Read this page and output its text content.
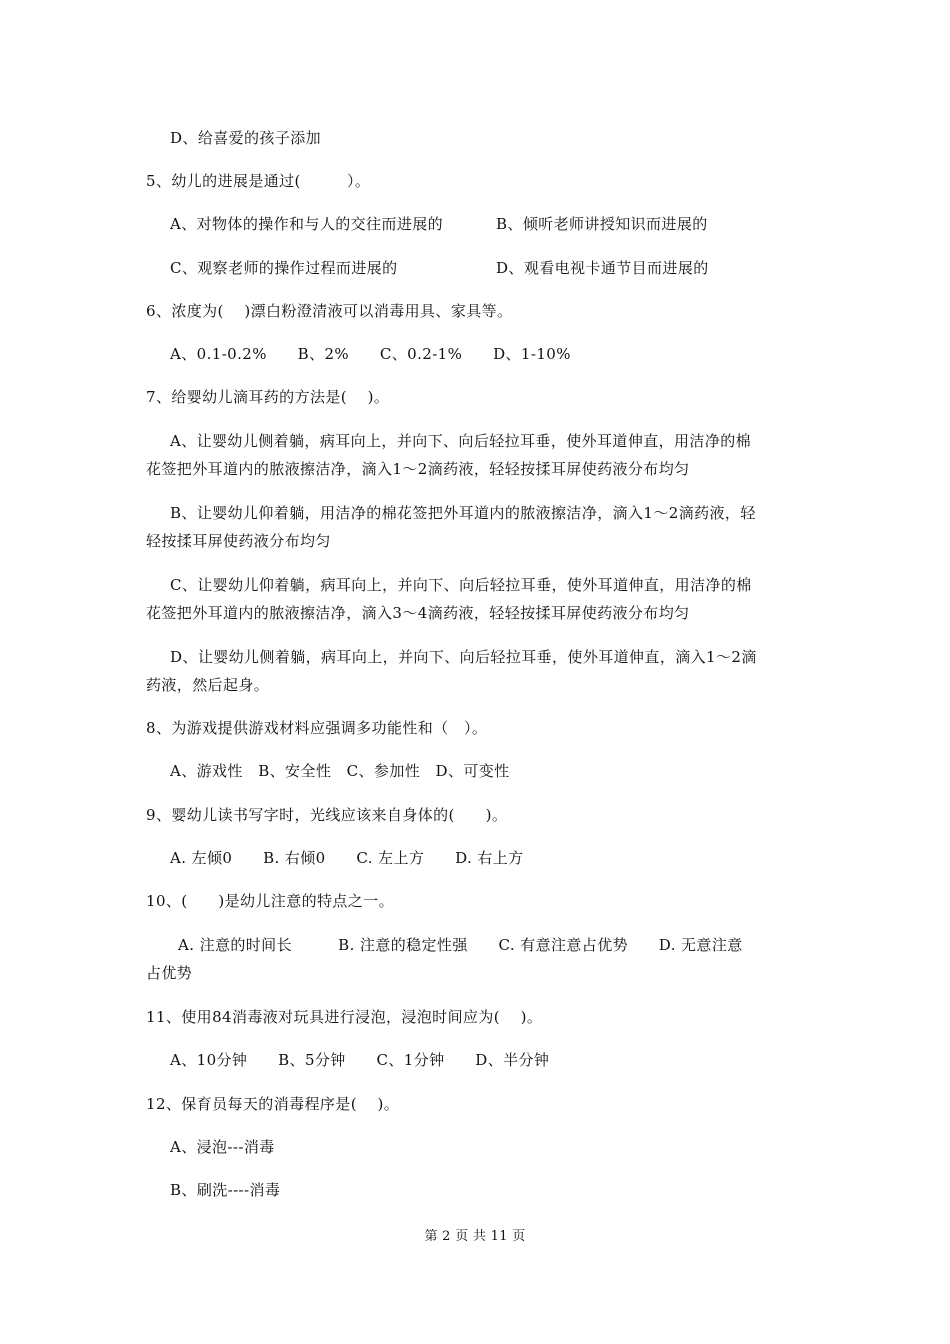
D、给喜爱的孩子添加
5、幼儿的进展是通过(　　　）。
A、对物体的操作和与人的交往而进展的	B、倾听老师讲授知识而进展的
C、观察老师的操作过程而进展的	D、观看电视卡通节目而进展的
6、浓度为(　 )漂白粉澄清液可以消毒用具、家具等。
A、0.1-0.2%　　B、2%　　C、0.2-1%　　D、1-10%
7、给婴幼儿滴耳药的方法是(　 )。
A、让婴幼儿侧着躺，病耳向上，并向下、向后轻拉耳垂，使外耳道伸直，用洁净的棉
花签把外耳道内的脓液擦洁净，滴入1～2滴药液，轻轻按揉耳屏使药液分布均匀
B、让婴幼儿仰着躺，用洁净的棉花签把外耳道内的脓液擦洁净，滴入1～2滴药液，轻
轻按揉耳屏使药液分布均匀
C、让婴幼儿仰着躺，病耳向上，并向下、向后轻拉耳垂，使外耳道伸直，用洁净的棉
花签把外耳道内的脓液擦洁净，滴入3～4滴药液，轻轻按揉耳屏使药液分布均匀
D、让婴幼儿侧着躺，病耳向上，并向下、向后轻拉耳垂，使外耳道伸直，滴入1～2滴
药液，然后起身。
8、为游戏提供游戏材料应强调多功能性和（　）。
A、游戏性　B、安全性　C、参加性　D、可变性
9、婴幼儿读书写字时，光线应该来自身体的(　　)。
A. 左倾0　　B. 右倾0　　C. 左上方　　D. 右上方
10、(　　)是幼儿注意的特点之一。
A. 注意的时间长　　　B. 注意的稳定性强　　C. 有意注意占优势　　D. 无意注意
占优势
11、使用84消毒液对玩具进行浸泡，浸泡时间应为(　 )。
A、10分钟　　B、5分钟　　C、1分钟　　D、半分钟
12、保育员每天的消毒程序是(　 )。
A、浸泡---消毒
B、刷洗----消毒
第 2 页 共 11 页
